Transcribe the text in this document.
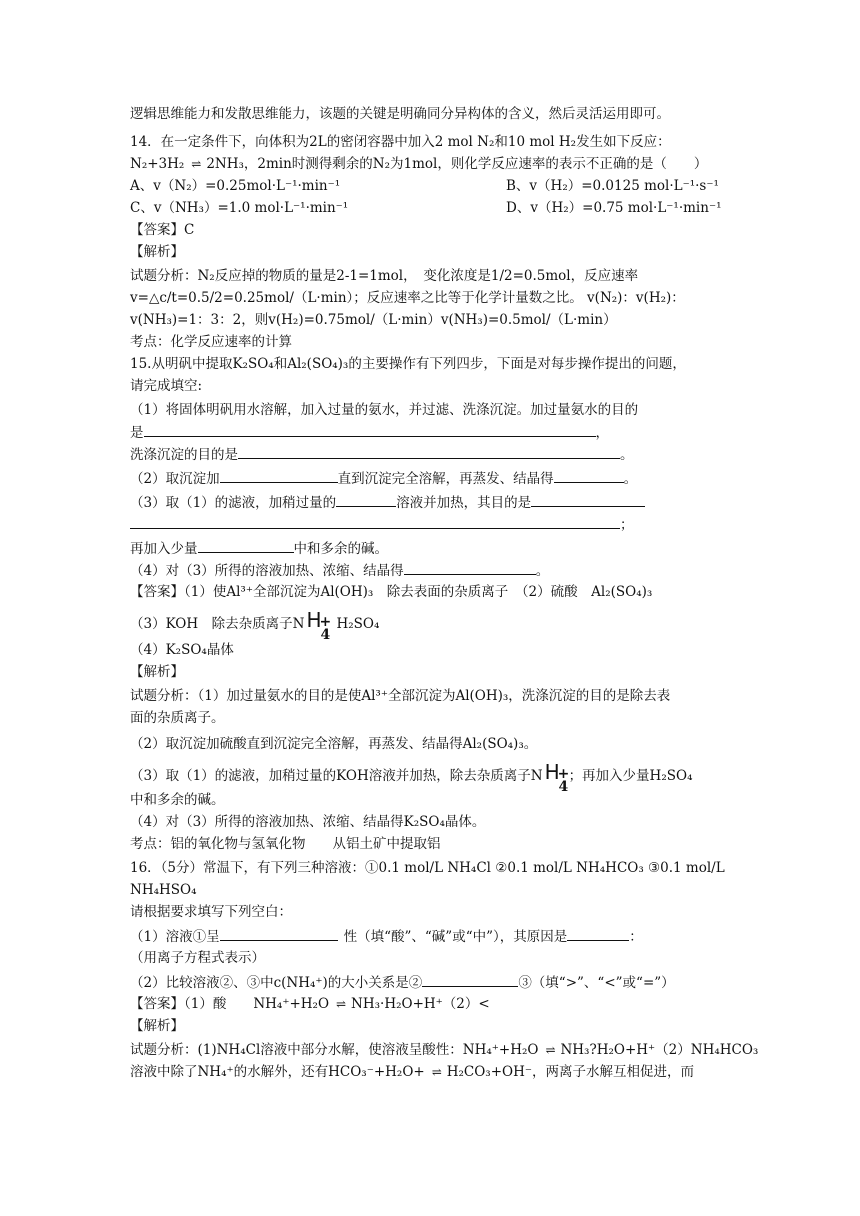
逻辑思维能力和发散思维能力，该题的关键是明确同分异构体的含义，然后灵活运用即可。
14．在一定条件下，向体积为2L的密闭容器中加入2 mol N₂和10 mol H₂发生如下反应：
N₂+3H₂ ⇌ 2NH₃，2min时测得剩余的N₂为1mol，则化学反应速率的表示不正确的是（　　）
A、v（N₂）=0.25mol·L⁻¹·min⁻¹	B、v（H₂）=0.0125 mol·L⁻¹·s⁻¹
C、v（NH₃）=1.0 mol·L⁻¹·min⁻¹	D、v（H₂）=0.75 mol·L⁻¹·min⁻¹
【答案】C
【解析】
试题分析：N₂反应掉的物质的量是2-1=1mol，　变化浓度是1/2=0.5mol，反应速率
v=△c/t=0.5/2=0.25mol/（L·min）；反应速率之比等于化学计量数之比。 v(N₂)：v(H₂)：
v(NH₃)=1：3：2，则v(H₂)=0.75mol/（L·min）v(NH₃)=0.5mol/（L·min）
考点：化学反应速率的计算
15.从明矾中提取K₂SO₄和Al₂(SO₄)₃的主要操作有下列四步，下面是对每步操作提出的问题，
请完成填空:
（1）将固体明矾用水溶解，加入过量的氨水，并过滤、洗涤沉淀。加过量氨水的目的
是	，
洗涤沉淀的目的是	。
（2）取沉淀加	直到沉淀完全溶解，再蒸发、结晶得	。
（3）取（1）的滤液，加稍过量的	溶液并加热，其目的是
；
再加入少量	中和多余的碱。
（4）对（3）所得的溶液加热、浓缩、结晶得	。
【答案】（1）使Al³⁺全部沉淀为Al(OH)₃　除去表面的杂质离子　（2）硫酸　Al₂(SO₄)₃
（3）KOH　除去杂质离子N H
+
4
H₂SO₄
（4）K₂SO₄晶体
【解析】
试题分析：（1）加过量氨水的目的是使Al³⁺全部沉淀为Al(OH)₃，洗涤沉淀的目的是除去表
面的杂质离子。
（2）取沉淀加硫酸直到沉淀完全溶解，再蒸发、结晶得Al₂(SO₄)₃。
（3）取（1）的滤液，加稍过量的KOH溶液并加热，除去杂质离子N H
+
4
；再加入少量H₂SO₄
中和多余的碱。
（4）对（3）所得的溶液加热、浓缩、结晶得K₂SO₄晶体。
考点：铝的氧化物与氢氧化物　　从铝土矿中提取铝
16．（5分）常温下，有下列三种溶液：①0.1 mol/L NH₄Cl ②0.1 mol/L NH₄HCO₃ ③0.1 mol/L
NH₄HSO₄
请根据要求填写下列空白：
（1）溶液①呈	性（填“酸”、“碱”或“中”），其原因是	：
（用离子方程式表示）
（2）比较溶液②、③中c(NH₄⁺)的大小关系是②	③（填“>”、“<”或“=”）
【答案】（1）酸　　NH₄⁺+H₂O ⇌ NH₃·H₂O+H⁺（2）<
【解析】
试题分析：(1)NH₄Cl溶液中部分水解，使溶液呈酸性：NH₄⁺+H₂O ⇌ NH₃?H₂O+H⁺（2）NH₄HCO₃
溶液中除了NH₄⁺的水解外，还有HCO₃⁻+H₂O+ ⇌ H₂CO₃+OH⁻，两离子水解互相促进，而
